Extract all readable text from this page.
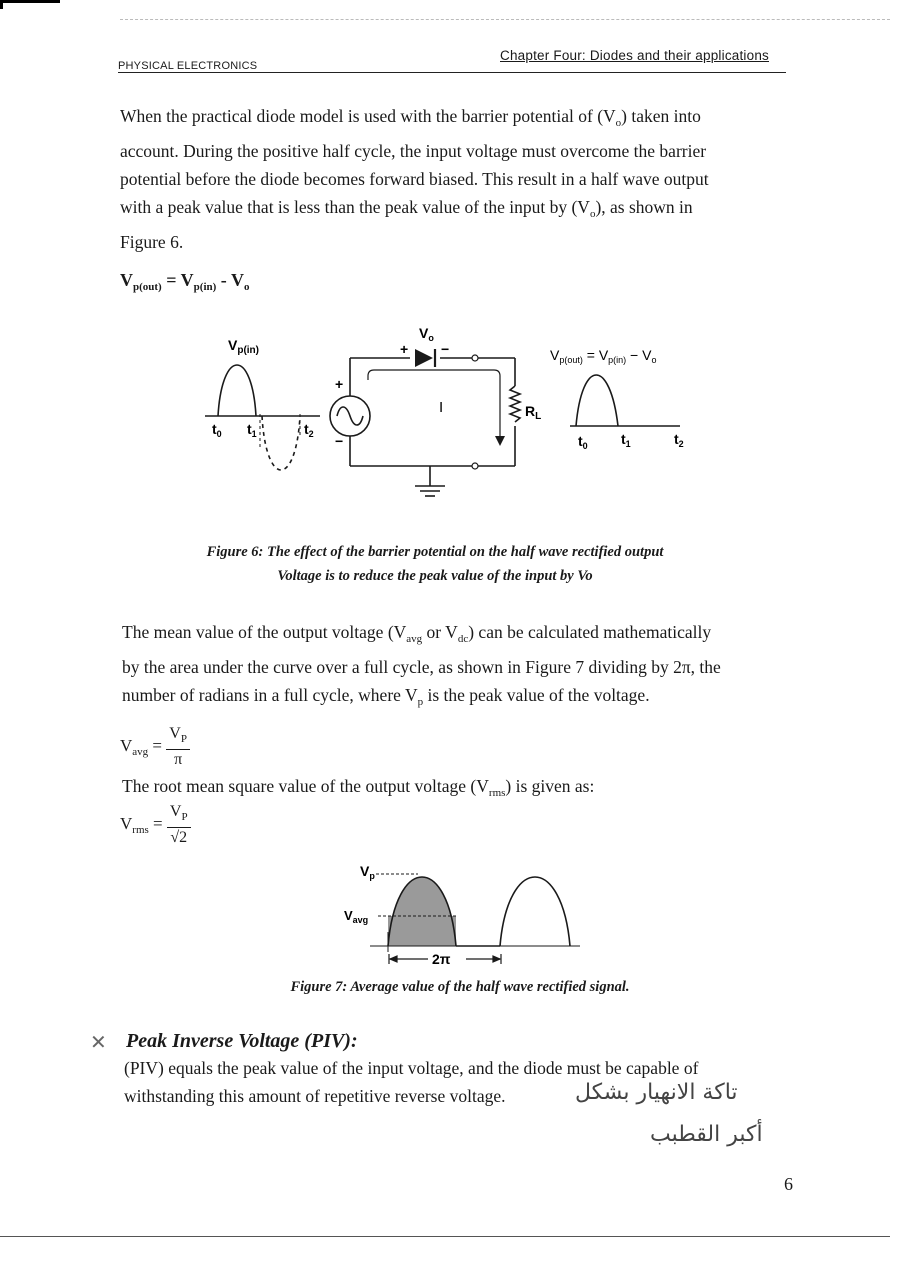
PHYSICAL ELECTRONICS
Chapter Four: Diodes and their applications
When the practical diode model is used with the barrier potential of $(V_o)$ taken into
account. During the positive half cycle, the input voltage must overcome the barrier
potential before the diode becomes forward biased. This result in a half wave output
with a peak value that is less than the peak value of the input by $(V_o)$, as shown in
Figure 6.
$V_{p(out)} = V_{p(in)} - V_o$
$V_{p(in)}$
$t_0$ $t_1$	$t_2$
+ −
$V_o$
+
−
I	$R_L$
$V_{p(out)} = V_{p(in)} - V_o$
$t_0$ $t_1$	$t_2$
Figure 6: The effect of the barrier potential on the half wave rectified output
Voltage is to reduce the peak value of the input by Vo
The mean value of the output voltage ($V_{avg}$ or $V_{dc}$) can be calculated mathematically
by the area under the curve over a full cycle, as shown in Figure 7 dividing by 2π, the
number of radians in a full cycle, where $V_p$ is the peak value of the voltage.
$V_{avg} = \frac{V_P}{\pi}$
The root mean square value of the output voltage $(V_{rms})$ is given as:
$V_{rms} = \frac{V_P}{√2}$
$V_p$
$V_{avg}$
2π
Figure 7: Average value of the half wave rectified signal.
✕ Peak Inverse Voltage (PIV):
(PIV) equals the peak value of the input voltage, and the diode must be capable of
withstanding this amount of repetitive reverse voltage.	تاكة الانهيار بشكل
أكبر القطبب
6
